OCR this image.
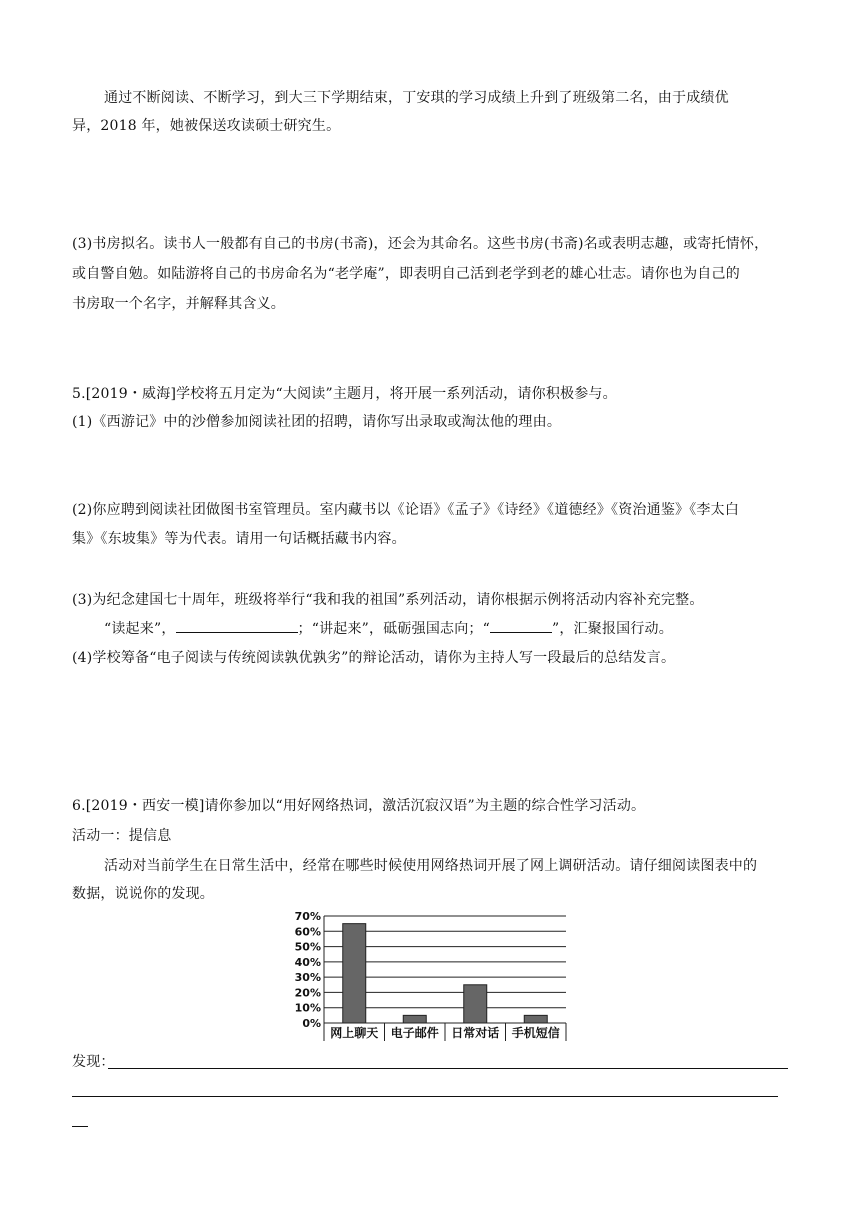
通过不断阅读、不断学习，到大三下学期结束，丁安琪的学习成绩上升到了班级第二名，由于成绩优
异，2018 年，她被保送攻读硕士研究生。
(3)书房拟名。读书人一般都有自己的书房(书斋)，还会为其命名。这些书房(书斋)名或表明志趣，或寄托情怀，
或自警自勉。如陆游将自己的书房命名为“老学庵”，即表明自己活到老学到老的雄心壮志。请你也为自己的
书房取一个名字，并解释其含义。
5.[2019・威海]学校将五月定为“大阅读”主题月，将开展一系列活动，请你积极参与。
(1)《西游记》中的沙僧参加阅读社团的招聘，请你写出录取或淘汰他的理由。
(2)你应聘到阅读社团做图书室管理员。室内藏书以《论语》《孟子》《诗经》《道德经》《资治通鉴》《李太白
集》《东坡集》等为代表。请用一句话概括藏书内容。
(3)为纪念建国七十周年，班级将举行“我和我的祖国”系列活动，请你根据示例将活动内容补充完整。
“读起来”，	；“讲起来”，砥砺强国志向；“	”，汇聚报国行动。
(4)学校筹备“电子阅读与传统阅读孰优孰劣”的辩论活动，请你为主持人写一段最后的总结发言。
6.[2019・西安一模]请你参加以“用好网络热词，激活沉寂汉语”为主题的综合性学习活动。
活动一：提信息
活动对当前学生在日常生活中，经常在哪些时候使用网络热词开展了网上调研活动。请仔细阅读图表中的
数据，说说你的发现。
0%
10%
20%
30%
40%
50%
60%
70%
网上聊天 电子邮件 日常对话 手机短信
发现：
